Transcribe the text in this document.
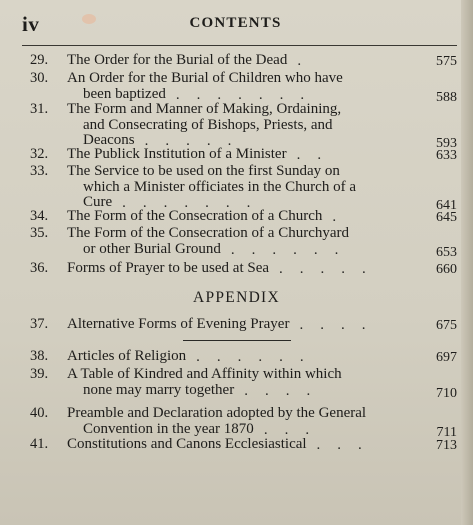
iv	CONTENTS
29.	The Order for the Burial of the Dead	575
.
30.	An Order for the Burial of Children who have
been baptized	588
.......
31.	The Form and Manner of Making, Ordaining,
and Consecrating of Bishops, Priests, and
Deacons	593
.....
32.	The Publick Institution of a Minister	633
..
33.	The Service to be used on the first Sunday on
which a Minister officiates in the Church of a
Cure	641
.......
34.	The Form of the Consecration of a Church	645
.
35.	The Form of the Consecration of a Churchyard
or other Burial Ground	653
......
36.	Forms of Prayer to be used at Sea	660
.....
37.	Alternative Forms of Evening Prayer	675
....
38.	Articles of Religion	697
......
39.	A Table of Kindred and Affinity within which
none may marry together	710
....
40.	Preamble and Declaration adopted by the General
Convention in the year 1870	711
...
41.	Constitutions and Canons Ecclesiastical	713
...
APPENDIX
